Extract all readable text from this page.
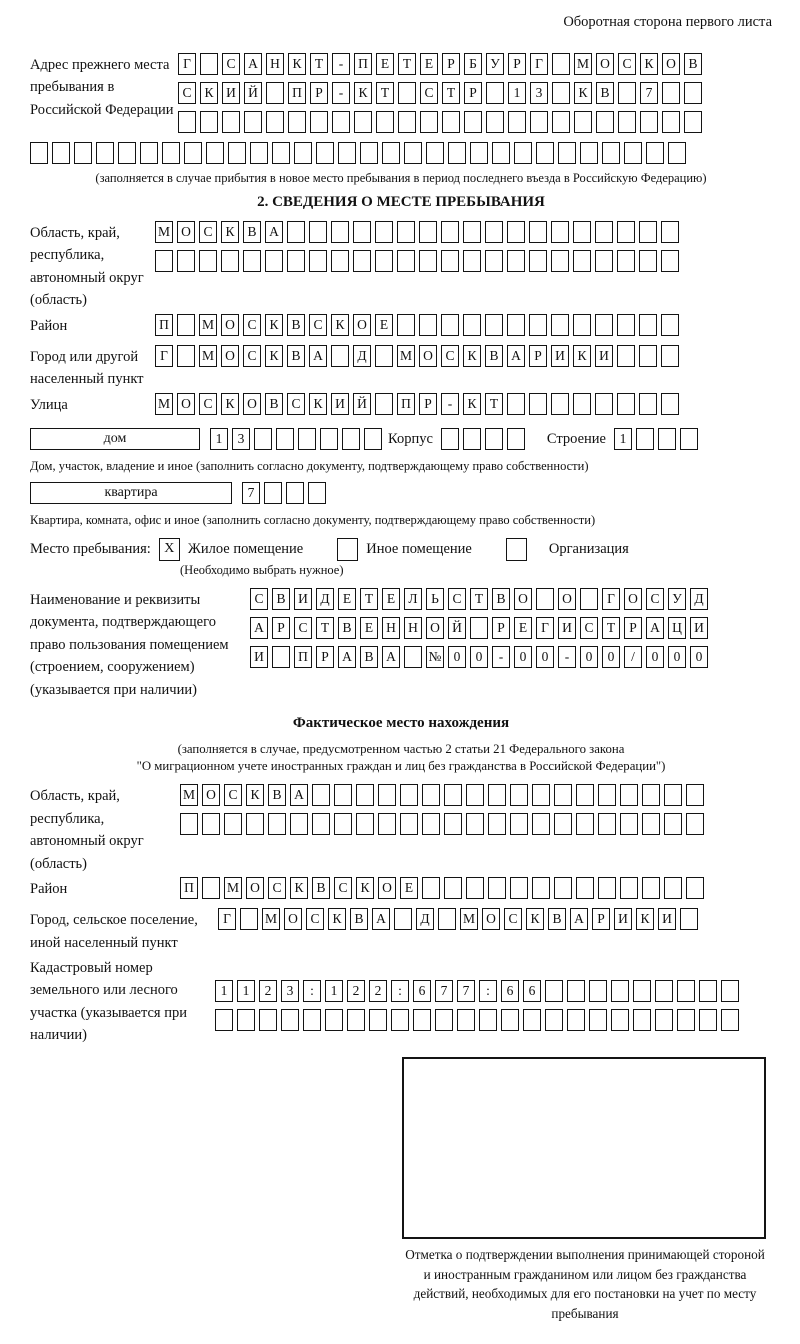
Оборотная сторона первого листа
Адрес прежнего места пребывания в Российской Федерации
Г	С А Н К Т - П Е Т Е Р Б У Р Г	М О С К О В
С К И Й	П Р - К Т	С Т Р	1 3	К В	7
(заполняется в случае прибытия в новое место пребывания в период последнего въезда в Российскую Федерацию)
2. СВЕДЕНИЯ О МЕСТЕ ПРЕБЫВАНИЯ
Область, край, республика, автономный округ (область)
М О С К В А
Район	П М О С К В С К О Е
Город или другой населенный пункт
Г	М О С К В А	Д М О С К В А Р И К И
Улица	М О С К О В С К И Й	П Р - К Т
дом	1 3	Корпус	Строение	1
Дом, участок, владение и иное (заполнить согласно документу, подтверждающему право собственности)
квартира	7
Квартира, комната, офис и иное (заполнить согласно документу, подтверждающему право собственности)
Место пребывания: X Жилое помещение	Иное помещение	Организация
(Необходимо выбрать нужное)
Наименование и реквизиты документа, подтверждающего право пользования помещением (строением, сооружением) (указывается при наличии)
С В И Д Е Т Е Л Ь С Т В О	О	Г О С У Д
А Р С Т В Е Н Н О Й	Р Е Г И С Т Р А Ц И
И	П Р А В А № 0 0 - 0 0 - 0 0 / 0 0 0
Фактическое место нахождения
(заполняется в случае, предусмотренном частью 2 статьи 21 Федерального закона
"О миграционном учете иностранных граждан и лиц без гражданства в Российской Федерации")
Область, край, республика, автономный округ (область)
М О С К В А
Район	П М О С К В С К О Е
Город, сельское поселение, иной населенный пункт
Г	М О С К В А	Д М О С К В А Р И К И
Кадастровый номер земельного или лесного участка (указывается при наличии)
1 1 2 3 : 1 2 2 : 6 7 7 : 6 6
Отметка о подтверждении выполнения принимающей стороной и иностранным гражданином или лицом без гражданства действий, необходимых для его постановки на учет по месту пребывания
